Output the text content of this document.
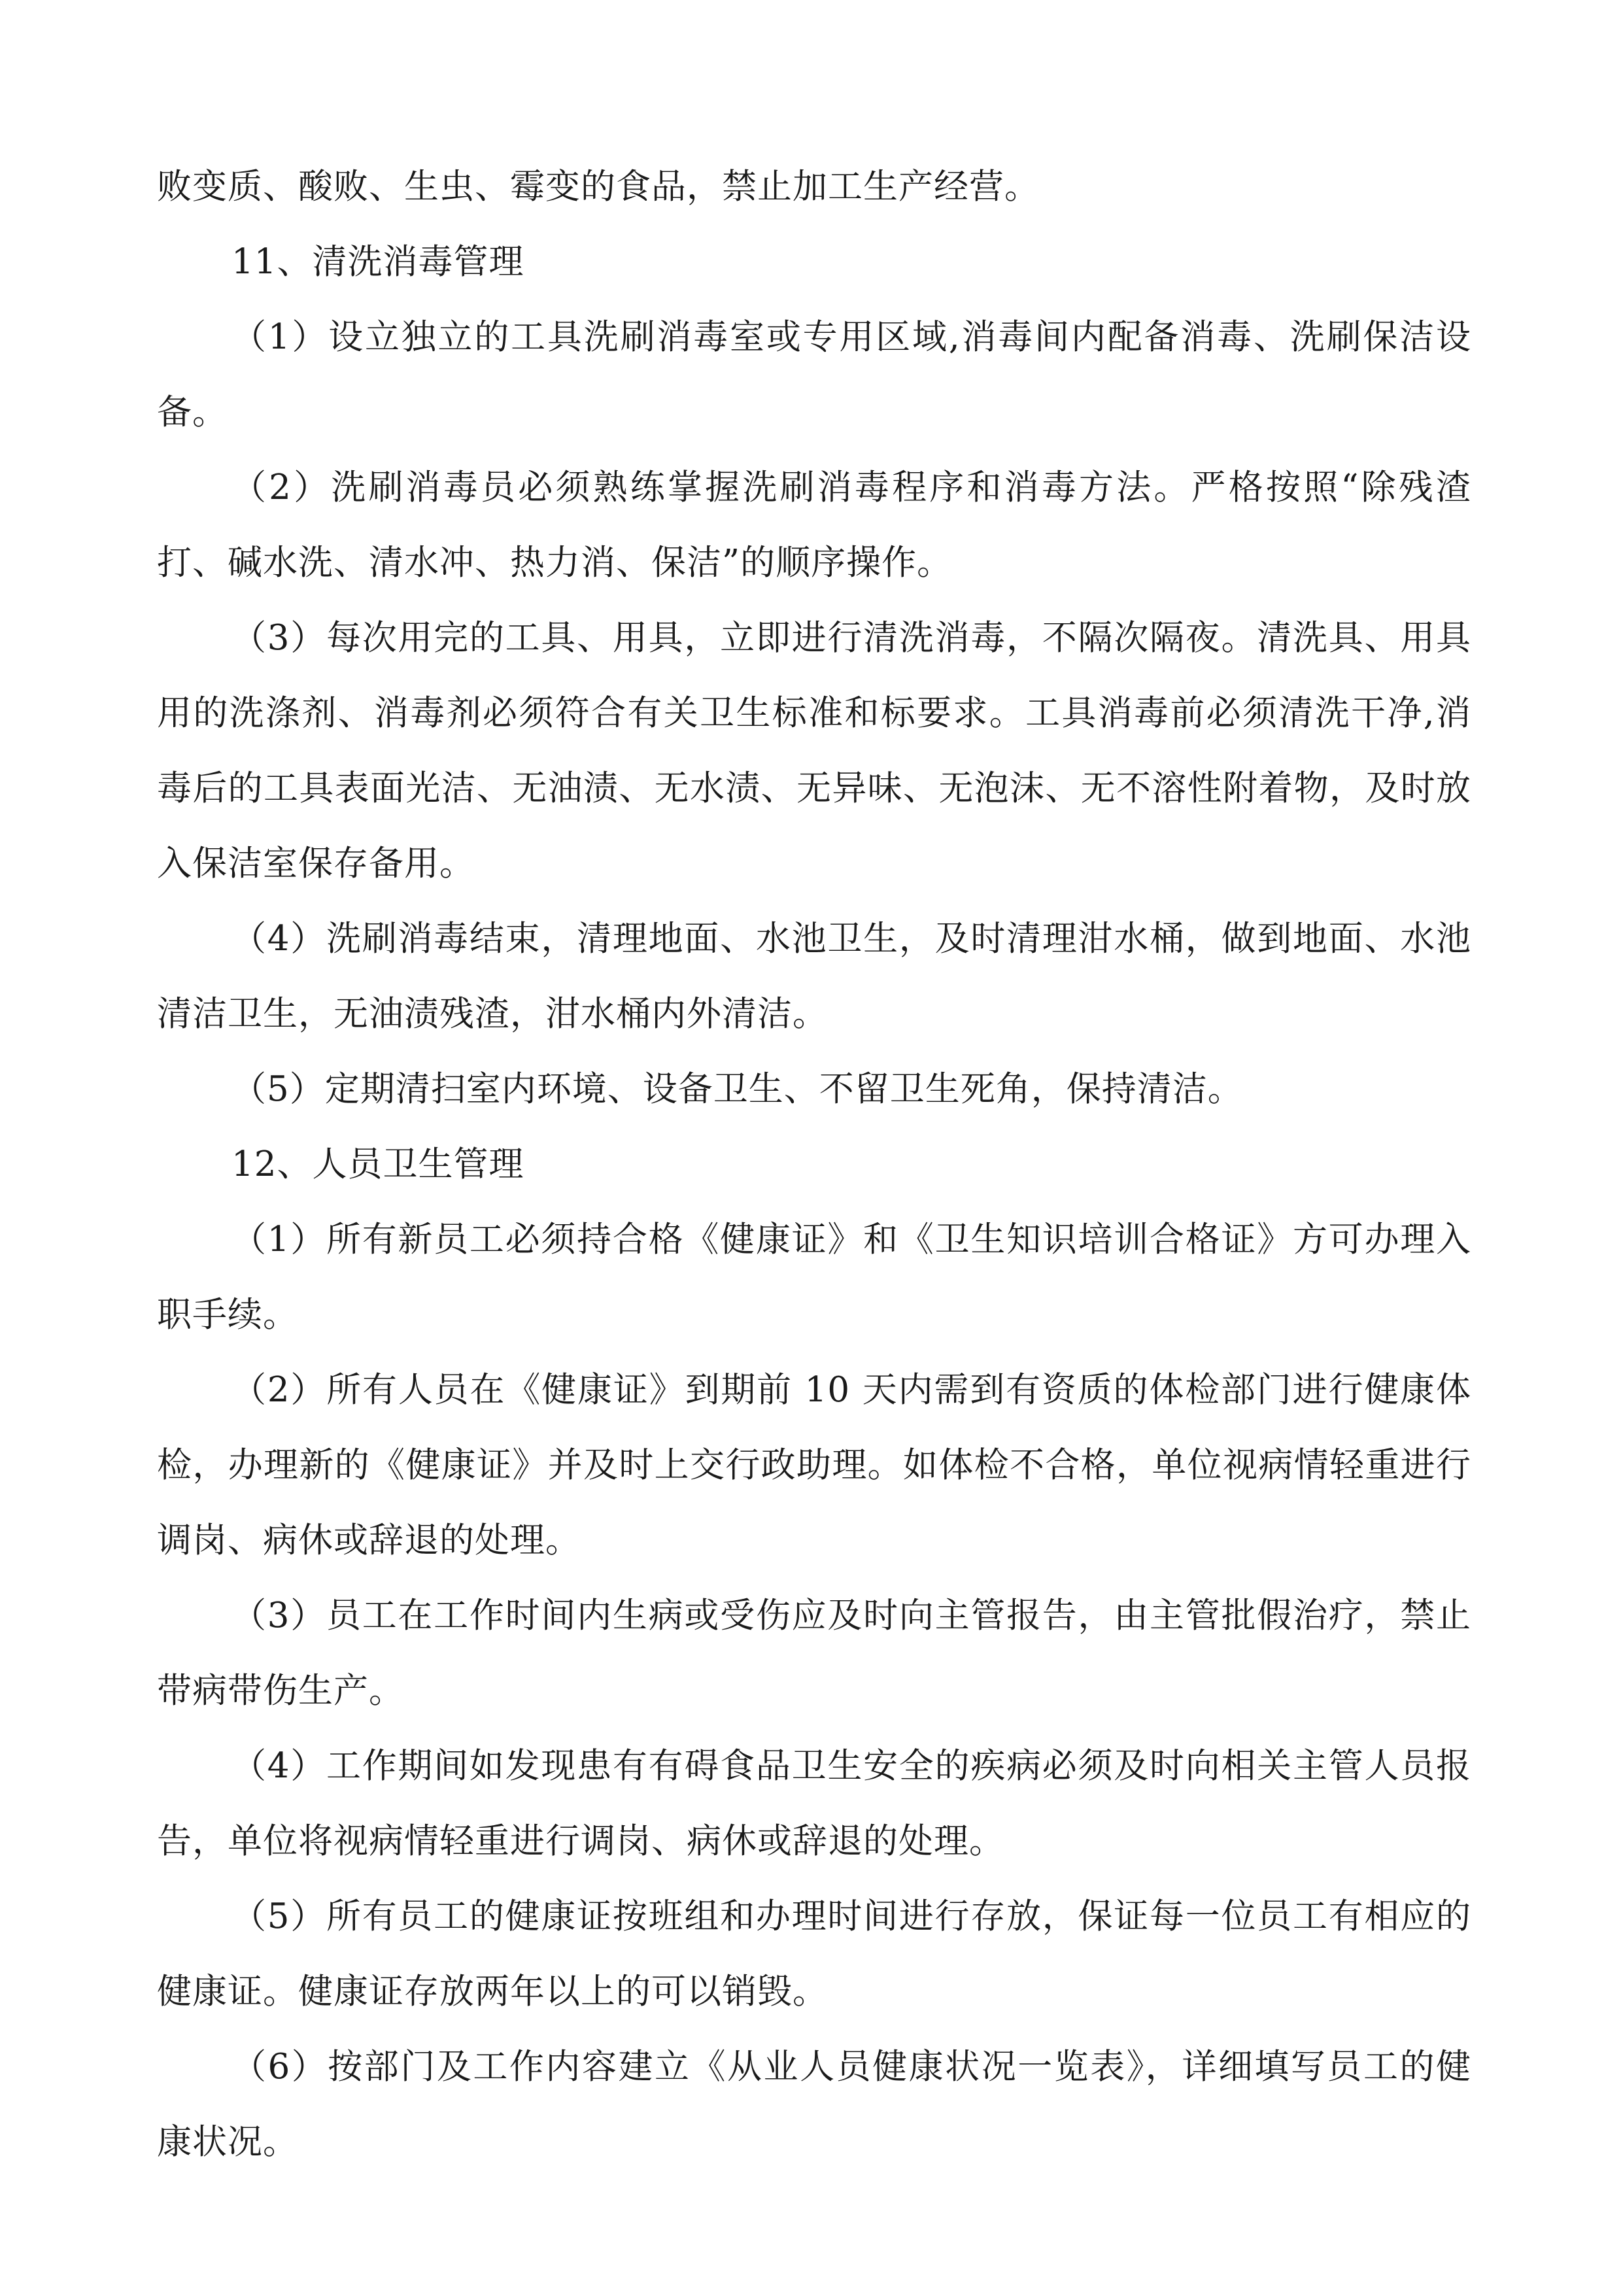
败变质、酸败、生虫、霉变的食品，禁止加工生产经营。

11、清洗消毒管理

（1）设立独立的工具洗刷消毒室或专用区域,消毒间内配备消毒、洗刷保洁设备。

（2）洗刷消毒员必须熟练掌握洗刷消毒程序和消毒方法。严格按照“除残渣打、碱水洗、清水冲、热力消、保洁”的顺序操作。

（3）每次用完的工具、用具，立即进行清洗消毒，不隔次隔夜。清洗具、用具用的洗涤剂、消毒剂必须符合有关卫生标准和标要求。工具消毒前必须清洗干净,消毒后的工具表面光洁、无油渍、无水渍、无异味、无泡沫、无不溶性附着物，及时放入保洁室保存备用。

（4）洗刷消毒结束，清理地面、水池卫生，及时清理泔水桶，做到地面、水池清洁卫生，无油渍残渣，泔水桶内外清洁。

（5）定期清扫室内环境、设备卫生、不留卫生死角，保持清洁。

12、人员卫生管理

（1）所有新员工必须持合格《健康证》和《卫生知识培训合格证》方可办理入职手续。

（2）所有人员在《健康证》到期前 10 天内需到有资质的体检部门进行健康体检，办理新的《健康证》并及时上交行政助理。如体检不合格，单位视病情轻重进行调岗、病休或辞退的处理。

（3）员工在工作时间内生病或受伤应及时向主管报告，由主管批假治疗，禁止带病带伤生产。

（4）工作期间如发现患有有碍食品卫生安全的疾病必须及时向相关主管人员报告，单位将视病情轻重进行调岗、病休或辞退的处理。

（5）所有员工的健康证按班组和办理时间进行存放，保证每一位员工有相应的健康证。健康证存放两年以上的可以销毁。

（6）按部门及工作内容建立《从业人员健康状况一览表》，详细填写员工的健康状况。
